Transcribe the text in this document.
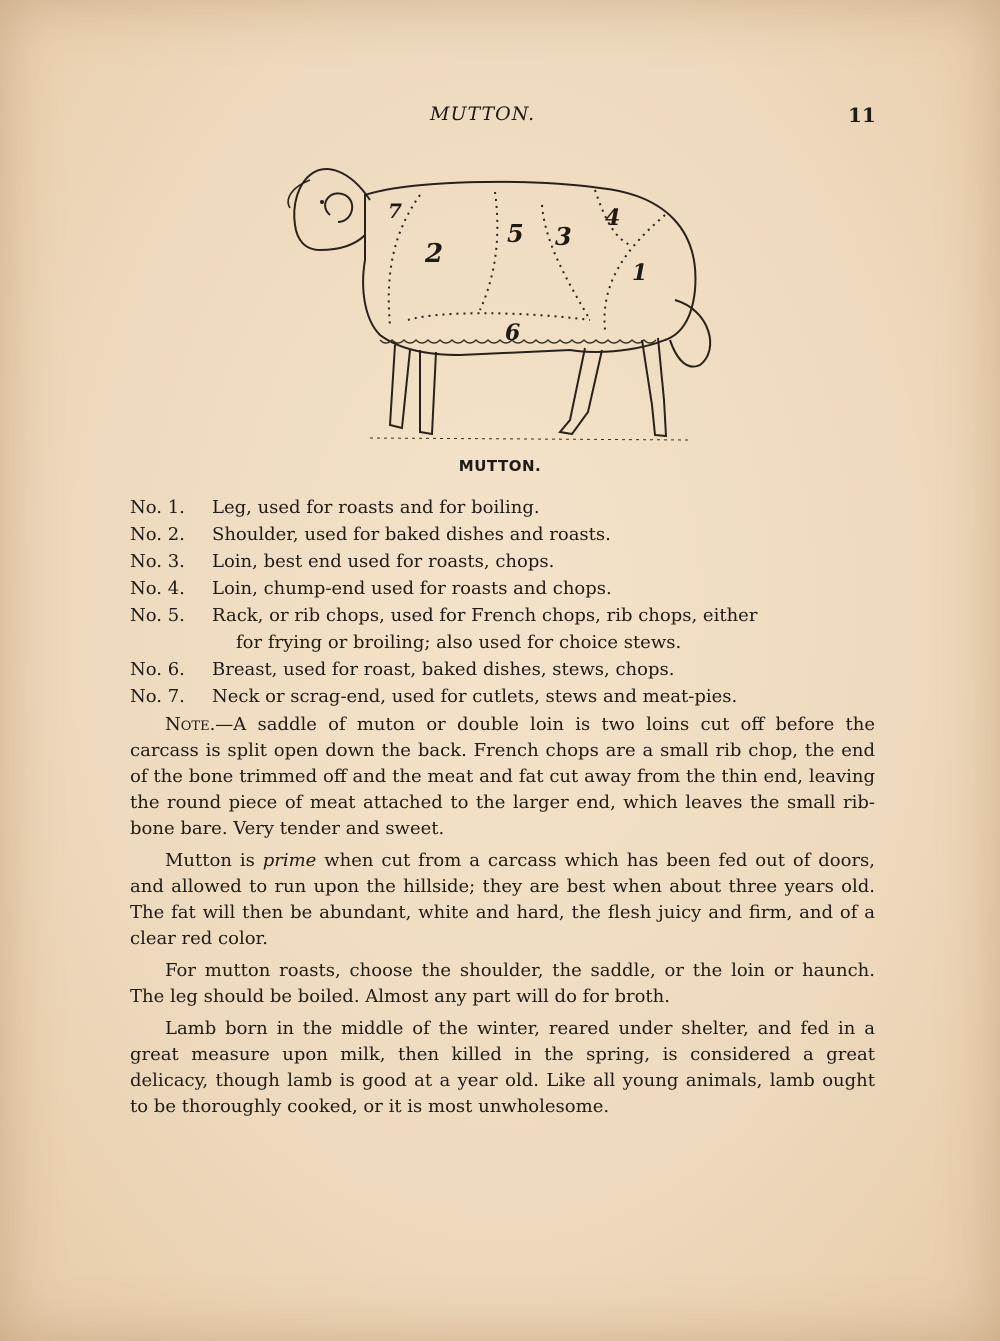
MUTTON.	11
1
2
3
4
5
6
7
MUTTON.
No. 1.	Leg, used for roasts and for boiling.
No. 2.	Shoulder, used for baked dishes and roasts.
No. 3.	Loin, best end used for roasts, chops.
No. 4.	Loin, chump-end used for roasts and chops.
No. 5.	Rack, or rib chops, used for French chops, rib chops, either
for frying or broiling; also used for choice stews.
No. 6.	Breast, used for roast, baked dishes, stews, chops.
No. 7.	Neck or scrag-end, used for cutlets, stews and meat-pies.

Note.—A saddle of muton or double loin is two loins cut off before the carcass is split open down the back. French chops are a small rib chop, the end of the bone trimmed off and the meat and fat cut away from the thin end, leaving the round piece of meat attached to the larger end, which leaves the small rib-bone bare. Very tender and sweet.

Mutton is prime when cut from a carcass which has been fed out of doors, and allowed to run upon the hillside; they are best when about three years old. The fat will then be abundant, white and hard, the flesh juicy and firm, and of a clear red color.

For mutton roasts, choose the shoulder, the saddle, or the loin or haunch. The leg should be boiled. Almost any part will do for broth.

Lamb born in the middle of the winter, reared under shelter, and fed in a great measure upon milk, then killed in the spring, is considered a great delicacy, though lamb is good at a year old. Like all young animals, lamb ought to be thoroughly cooked, or it is most unwholesome.
